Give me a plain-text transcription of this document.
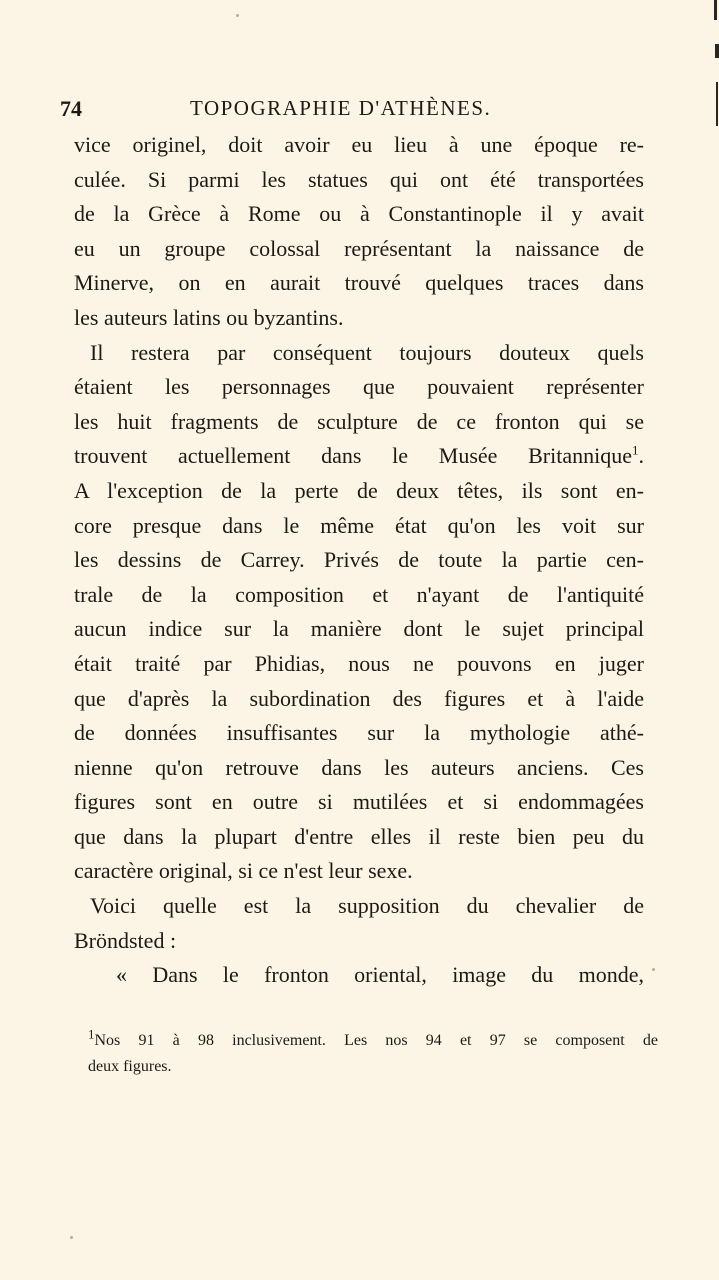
74	TOPOGRAPHIE D'ATHÈNES.
vice originel, doit avoir eu lieu à une époque re-
culée. Si parmi les statues qui ont été transportées
de la Grèce à Rome ou à Constantinople il y avait
eu un groupe colossal représentant la naissance de
Minerve, on en aurait trouvé quelques traces dans
les auteurs latins ou byzantins.
Il restera par conséquent toujours douteux quels
étaient les personnages que pouvaient représenter
les huit fragments de sculpture de ce fronton qui se
trouvent actuellement dans le Musée Britannique$^1$.
A l'exception de la perte de deux têtes, ils sont en-
core presque dans le même état qu'on les voit sur
les dessins de Carrey. Privés de toute la partie cen-
trale de la composition et n'ayant de l'antiquité
aucun indice sur la manière dont le sujet principal
était traité par Phidias, nous ne pouvons en juger
que d'après la subordination des figures et à l'aide
de données insuffisantes sur la mythologie athé-
nienne qu'on retrouve dans les auteurs anciens. Ces
figures sont en outre si mutilées et si endommagées
que dans la plupart d'entre elles il reste bien peu du
caractère original, si ce n'est leur sexe.
Voici quelle est la supposition du chevalier de
Bröndsted :
« Dans le fronton oriental, image du monde,
$^1$Nos 91 à 98 inclusivement. Les nos 94 et 97 se composent de
deux figures.
